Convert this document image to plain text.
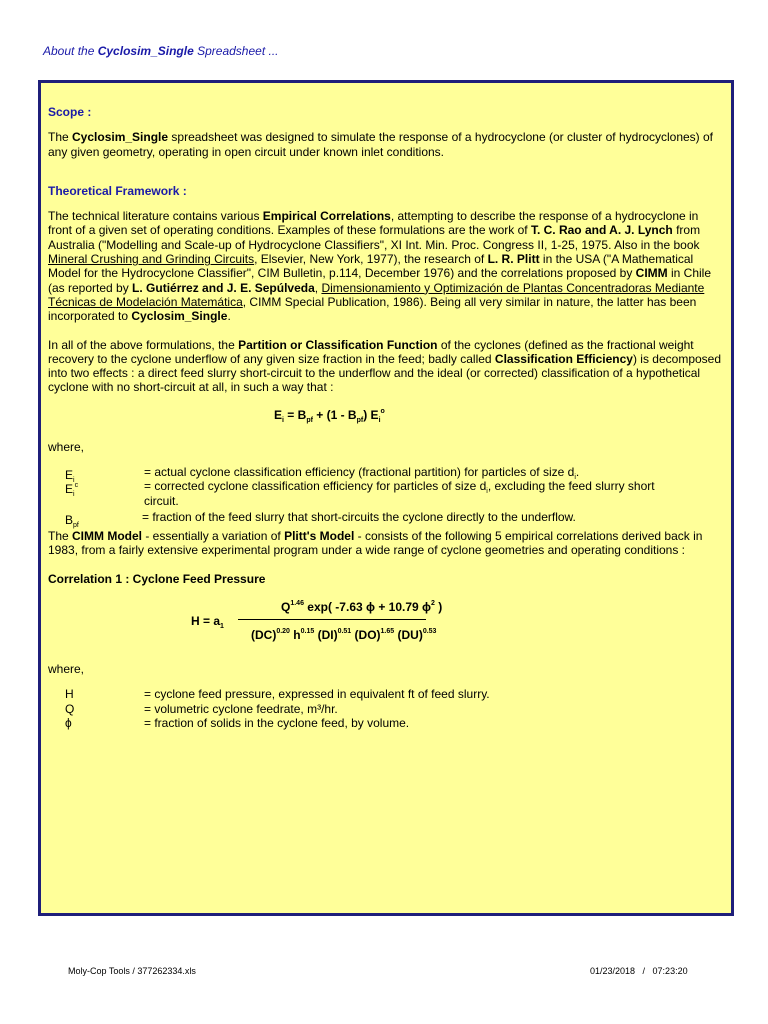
About the Cyclosim_Single Spreadsheet ...
Scope :

The Cyclosim_Single spreadsheet was designed to simulate the response of a hydrocyclone (or cluster of hydrocyclones) of any given geometry, operating in open circuit under known inlet conditions.

Theoretical Framework :

The technical literature contains various Empirical Correlations, attempting to describe the response of a hydrocyclone in front of a given set of operating conditions. Examples of these formulations are the work of T. C. Rao and A. J. Lynch from Australia ("Modelling and Scale-up of Hydrocyclone Classifiers", XI Int. Min. Proc. Congress II, 1-25, 1975. Also in the book Mineral Crushing and Grinding Circuits, Elsevier, New York, 1977), the research of L. R. Plitt in the USA ("A Mathematical Model for the Hydrocyclone Classifier", CIM Bulletin, p.114, December 1976) and the correlations proposed by CIMM in Chile (as reported by L. Gutiérrez and J. E. Sepúlveda, Dimensionamiento y Optimización de Plantas Concentradoras Mediante Técnicas de Modelación Matemática, CIMM Special Publication, 1986). Being all very similar in nature, the latter has been incorporated to Cyclosim_Single.

In all of the above formulations, the Partition or Classification Function of the cyclones (defined as the fractional weight recovery to the cyclone underflow of any given size fraction in the feed; badly called Classification Efficiency) is decomposed into two effects : a direct feed slurry short-circuit to the underflow and the ideal (or corrected) classification of a hypothetical cyclone with no short-circuit at all, in such a way that :

$E_i = B_{pf} + (1 - B_{pf})$ $E_i^o$

where,

$E_i$
= actual cyclone classification efficiency (fractional partition) for particles of size $d_i$.
$E_i^c$	= corrected cyclone classification efficiency for particles of size $d_i$, excluding the feed slurry short
circuit.
$B_{pf}$
= fraction of the feed slurry that short-circuits the cyclone directly to the underflow.

The CIMM Model - essentially a variation of Plitt's Model - consists of the following 5 empirical correlations derived back in 1983, from a fairly extensive experimental program under a wide range of cyclone geometries and operating conditions :

Correlation 1 : Cyclone Feed Pressure
$H = a_1$
$Q^{1.46}$ exp( -7.63 ϕ + 10.79 $\phi^2$ )
(DC)$^{0.20}$ $h^{0.15}$ (DI)$^{0.51}$ (DO)$^{1.65}$ (DU)$^{0.53}$

where,

H	= cyclone feed pressure, expressed in equivalent ft of feed slurry.
Q	= volumetric cyclone feedrate, m³/hr.
ϕ	= fraction of solids in the cyclone feed, by volume.
Moly-Cop Tools / 377262334.xls	01/23/2018   /   07:23:20
